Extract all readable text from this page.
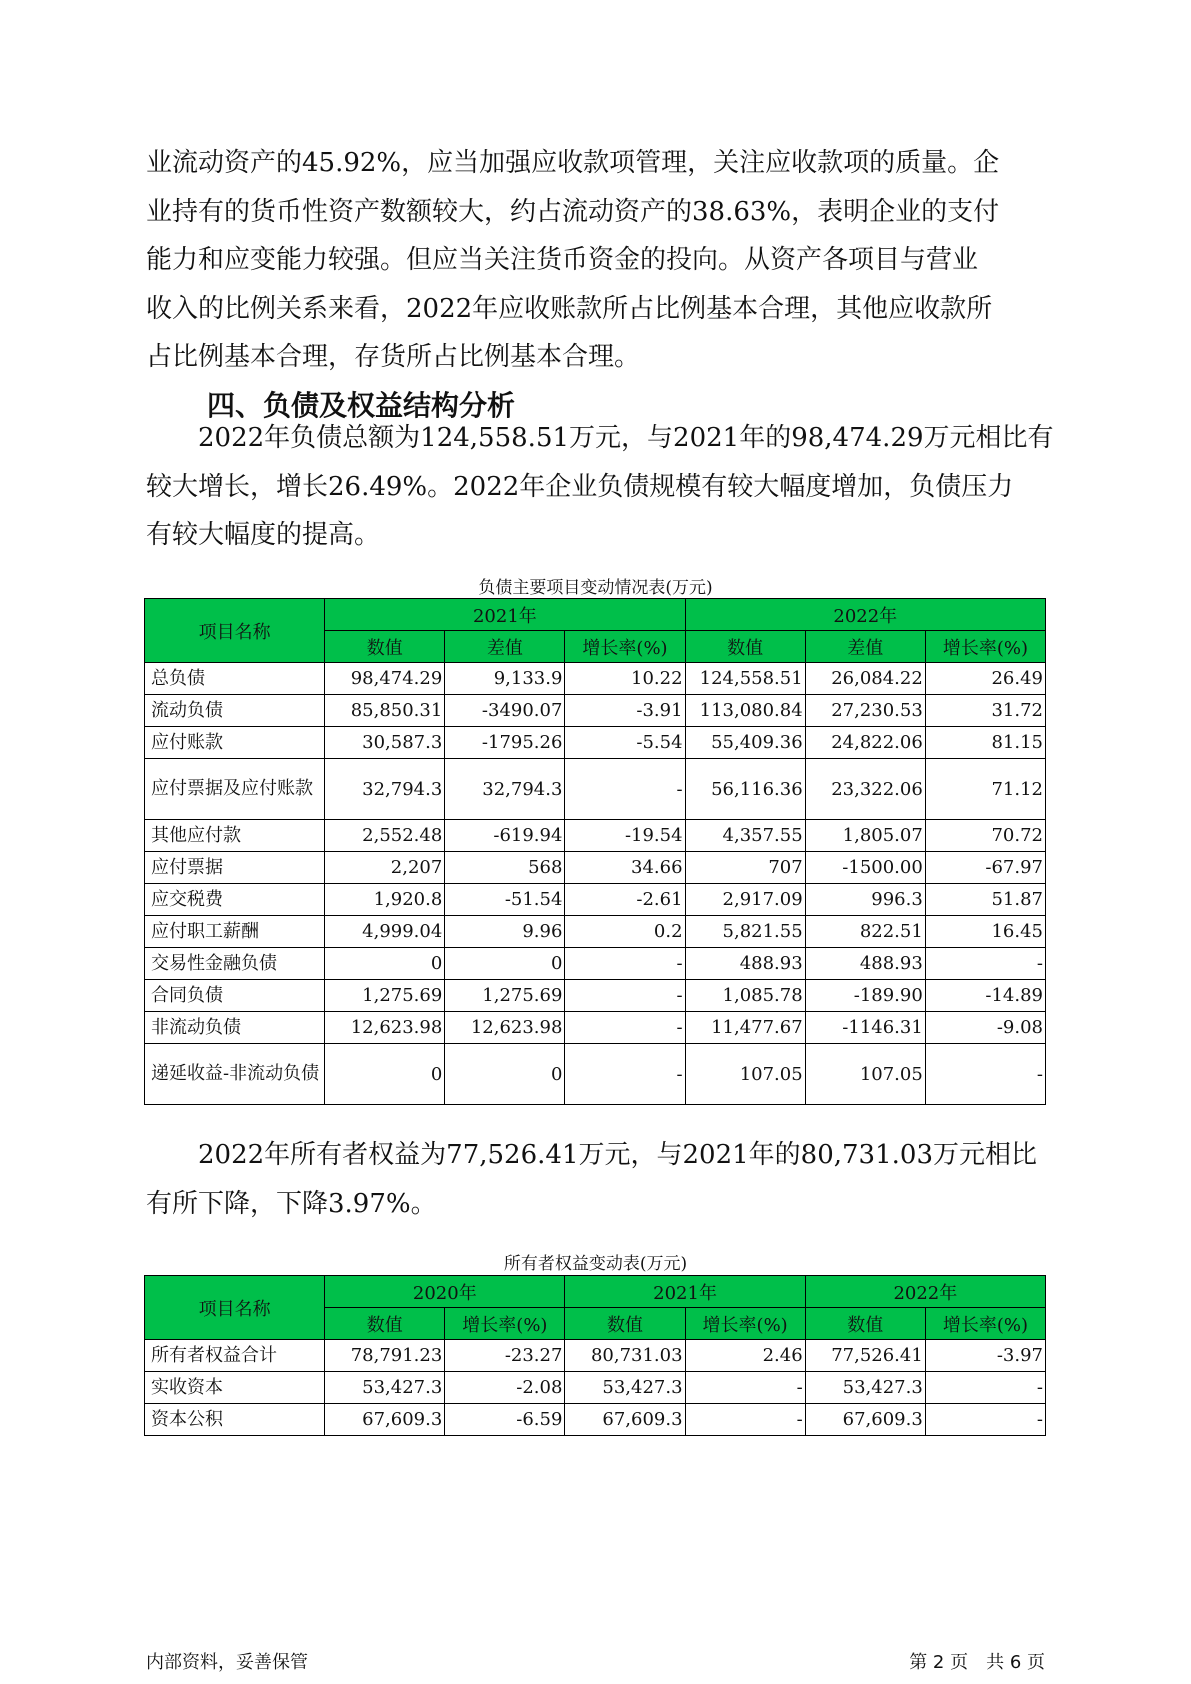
业流动资产的45.92%，应当加强应收款项管理，关注应收款项的质量。企
业持有的货币性资产数额较大，约占流动资产的38.63%，表明企业的支付
能力和应变能力较强。但应当关注货币资金的投向。从资产各项目与营业
收入的比例关系来看，2022年应收账款所占比例基本合理，其他应收款所
占比例基本合理，存货所占比例基本合理。
四、负债及权益结构分析
　　2022年负债总额为124,558.51万元，与2021年的98,474.29万元相比有
较大增长，增长26.49%。2022年企业负债规模有较大幅度增加，负债压力
有较大幅度的提高。
负债主要项目变动情况表(万元)
项目名称	2021年			2022年		
	数值	差值	增长率(%)	数值	差值	增长率(%)
总负债	98,474.29	9,133.9	10.22	124,558.51	26,084.22	26.49
流动负债	85,850.31	-3490.07	-3.91	113,080.84	27,230.53	31.72
应付账款	30,587.3	-1795.26	-5.54	55,409.36	24,822.06	81.15
应付票据及应付账款	32,794.3	32,794.3	-	56,116.36	23,322.06	71.12
其他应付款	2,552.48	-619.94	-19.54	4,357.55	1,805.07	70.72
应付票据	2,207	568	34.66	707	-1500.00	-67.97
应交税费	1,920.8	-51.54	-2.61	2,917.09	996.3	51.87
应付职工薪酬	4,999.04	9.96	0.2	5,821.55	822.51	16.45
交易性金融负债	0	0	-	488.93	488.93	-
合同负债	1,275.69	1,275.69	-	1,085.78	-189.90	-14.89
非流动负债	12,623.98	12,623.98	-	11,477.67	-1146.31	-9.08
递延收益-非流动负债	0	0	-	107.05	107.05	-
　　2022年所有者权益为77,526.41万元，与2021年的80,731.03万元相比
有所下降，下降3.97%。
所有者权益变动表(万元)
项目名称	2020年		2021年		2022年	
	数值	增长率(%)	数值	增长率(%)	数值	增长率(%)
所有者权益合计	78,791.23	-23.27	80,731.03	2.46	77,526.41	-3.97
实收资本	53,427.3	-2.08	53,427.3	-	53,427.3	-
资本公积	67,609.3	-6.59	67,609.3	-	67,609.3	-
内部资料，妥善保管	第 2 页　共 6 页
